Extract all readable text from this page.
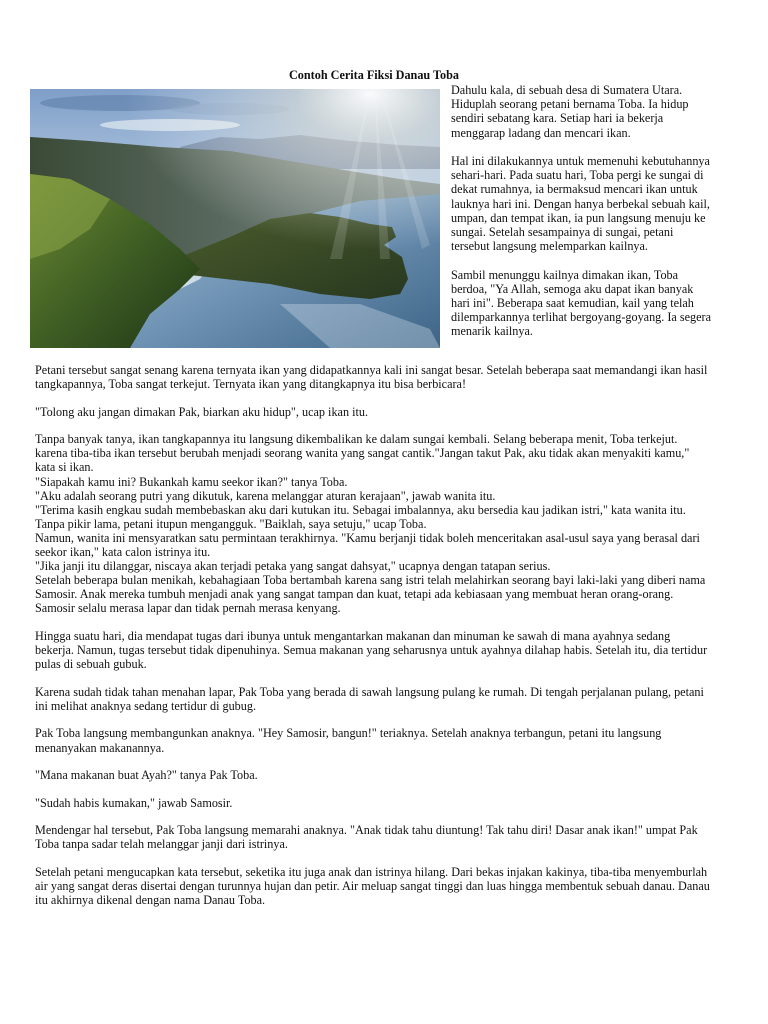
Contoh Cerita Fiksi Danau Toba

Dahulu kala, di sebuah desa di Sumatera Utara. Hiduplah seorang petani bernama Toba. Ia hidup sendiri sebatang kara. Setiap hari ia bekerja menggarap ladang dan mencari ikan.

Hal ini dilakukannya untuk memenuhi kebutuhannya sehari-hari. Pada suatu hari, Toba pergi ke sungai di dekat rumahnya, ia bermaksud mencari ikan untuk lauknya hari ini. Dengan hanya berbekal sebuah kail, umpan, dan tempat ikan, ia pun langsung menuju ke sungai. Setelah sesampainya di sungai, petani tersebut langsung melemparkan kailnya.

Sambil menunggu kailnya dimakan ikan, Toba berdoa, "Ya Allah, semoga aku dapat ikan banyak hari ini". Beberapa saat kemudian, kail yang telah dilemparkannya terlihat bergoyang-goyang. Ia segera menarik kailnya.

Petani tersebut sangat senang karena ternyata ikan yang didapatkannya kali ini sangat besar. Setelah beberapa saat memandangi ikan hasil tangkapannya, Toba sangat terkejut. Ternyata ikan yang ditangkapnya itu bisa berbicara!

"Tolong aku jangan dimakan Pak, biarkan aku hidup", ucap ikan itu.

Tanpa banyak tanya, ikan tangkapannya itu langsung dikembalikan ke dalam sungai kembali. Selang beberapa menit, Toba terkejut. karena tiba-tiba ikan tersebut berubah menjadi seorang wanita yang sangat cantik."Jangan takut Pak, aku tidak akan menyakiti kamu," kata si ikan.

"Siapakah kamu ini? Bukankah kamu seekor ikan?" tanya Toba.

"Aku adalah seorang putri yang dikutuk, karena melanggar aturan kerajaan", jawab wanita itu.

"Terima kasih engkau sudah membebaskan aku dari kutukan itu. Sebagai imbalannya, aku bersedia kau jadikan istri," kata wanita itu.

Tanpa pikir lama, petani itupun mengangguk. "Baiklah, saya setuju," ucap Toba.

Namun, wanita ini mensyaratkan satu permintaan terakhirnya. "Kamu berjanji tidak boleh menceritakan asal-usul saya yang berasal dari seekor ikan," kata calon istrinya itu.

"Jika janji itu dilanggar, niscaya akan terjadi petaka yang sangat dahsyat," ucapnya dengan tatapan serius.

Setelah beberapa bulan menikah, kebahagiaan Toba bertambah karena sang istri telah melahirkan seorang bayi laki-laki yang diberi nama Samosir. Anak mereka tumbuh menjadi anak yang sangat tampan dan kuat, tetapi ada kebiasaan yang membuat heran orang-orang. Samosir selalu merasa lapar dan tidak pernah merasa kenyang.

Hingga suatu hari, dia mendapat tugas dari ibunya untuk mengantarkan makanan dan minuman ke sawah di mana ayahnya sedang bekerja. Namun, tugas tersebut tidak dipenuhinya. Semua makanan yang seharusnya untuk ayahnya dilahap habis. Setelah itu, dia tertidur pulas di sebuah gubuk.

Karena sudah tidak tahan menahan lapar, Pak Toba yang berada di sawah langsung pulang ke rumah. Di tengah perjalanan pulang, petani ini melihat anaknya sedang tertidur di gubug.

Pak Toba langsung membangunkan anaknya. "Hey Samosir, bangun!" teriaknya. Setelah anaknya terbangun, petani itu langsung menanyakan makanannya.

"Mana makanan buat Ayah?" tanya Pak Toba.

"Sudah habis kumakan," jawab Samosir.

Mendengar hal tersebut, Pak Toba langsung memarahi anaknya. "Anak tidak tahu diuntung! Tak tahu diri! Dasar anak ikan!" umpat Pak Toba tanpa sadar telah melanggar janji dari istrinya.

Setelah petani mengucapkan kata tersebut, seketika itu juga anak dan istrinya hilang. Dari bekas injakan kakinya, tiba-tiba menyemburlah air yang sangat deras disertai dengan turunnya hujan dan petir. Air meluap sangat tinggi dan luas hingga membentuk sebuah danau. Danau itu akhirnya dikenal dengan nama Danau Toba.
